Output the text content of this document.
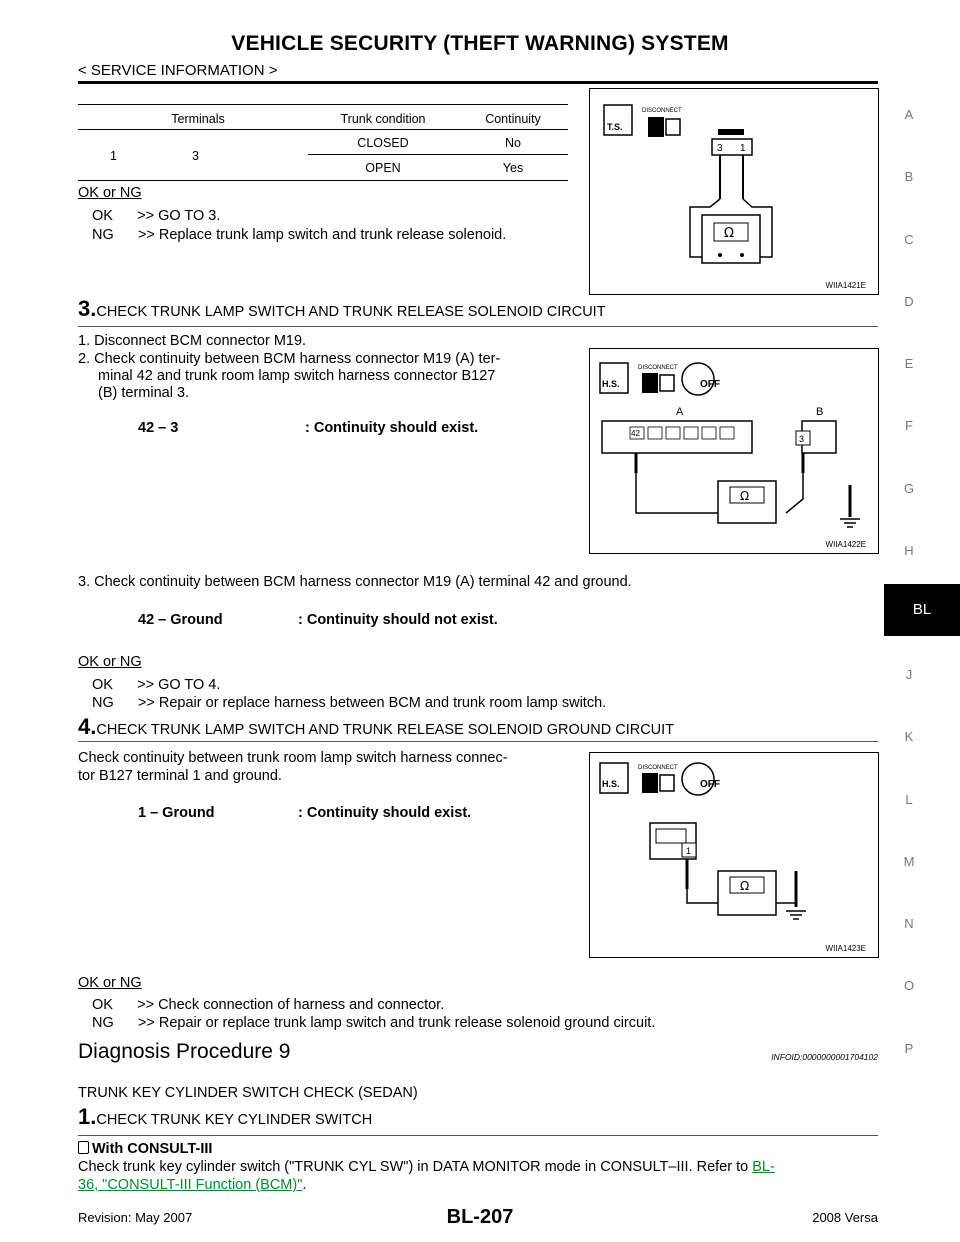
VEHICLE SECURITY (THEFT WARNING) SYSTEM
< SERVICE INFORMATION >
A
B
C
D
E
F
G
H
BL
J
K
L
M
N
O
P
Terminals	Trunk condition	Continuity
1	3
CLOSED	No
OPEN	Yes
OK or NG
OK      >> GO TO 3.
NG      >> Replace trunk lamp switch and trunk release solenoid.
T.S.
DISCONNECT
3 1
Ω
WIIA1421E
3.CHECK TRUNK LAMP SWITCH AND TRUNK RELEASE SOLENOID CIRCUIT
1. Disconnect BCM connector M19.
2. Check continuity between BCM harness connector M19 (A) ter-
minal 42 and trunk room lamp switch harness connector B127
(B) terminal 3.
42 – 3	: Continuity should exist.
H.S.
DISCONNECT
OFF
A
42
B
3
Ω
WIIA1422E
3. Check continuity between BCM harness connector M19 (A) terminal 42 and ground.
42 – Ground	: Continuity should not exist.
OK or NG
OK      >> GO TO 4.
NG      >> Repair or replace harness between BCM and trunk room lamp switch.
4.CHECK TRUNK LAMP SWITCH AND TRUNK RELEASE SOLENOID GROUND CIRCUIT
Check continuity between trunk room lamp switch harness connec-
tor B127 terminal 1 and ground.
1 – Ground	: Continuity should exist.
H.S.
DISCONNECT
OFF
1
Ω
WIIA1423E
OK or NG
OK      >> Check connection of harness and connector.
NG      >> Repair or replace trunk lamp switch and trunk release solenoid ground circuit.
Diagnosis Procedure 9	INFOID:0000000001704102
TRUNK KEY CYLINDER SWITCH CHECK (SEDAN)
1.CHECK TRUNK KEY CYLINDER SWITCH
With CONSULT-III
Check trunk key cylinder switch ("TRUNK CYL SW") in DATA MONITOR mode in CONSULT–III. Refer to BL-
36, "CONSULT-III Function (BCM)".
Revision: May 2007	BL-207	2008 Versa
